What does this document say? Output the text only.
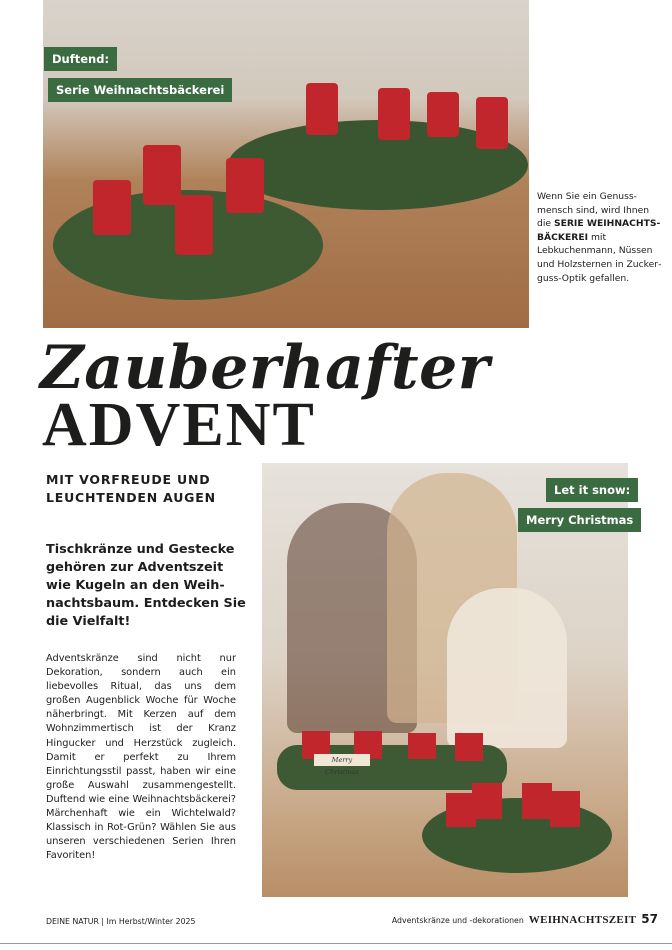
Duftend:
Serie Weihnachtsbäckerei

Wenn Sie ein Genussmensch sind, wird Ihnen die SERIE WEIHNACHTSBÄCKEREI mit Lebkuchenmann, Nüssen und Holzsternen in Zuckerguss-Optik gefallen.

Zauberhafter
ADVENT
MIT VORFREUDE UND LEUCHTENDEN AUGEN

Tischkränze und Gestecke gehören zur Adventszeit wie Kugeln an den Weihnachtsbaum. Entdecken Sie die Vielfalt!

Adventskränze sind nicht nur Dekoration, sondern auch ein liebevolles Ritual, das uns dem großen Augenblick Woche für Woche näherbringt. Mit Kerzen auf dem Wohnzimmertisch ist der Kranz Hingucker und Herzstück zugleich. Damit er perfekt zu Ihrem Einrichtungsstil passt, haben wir eine große Auswahl zusammengestellt. Duftend wie eine Weihnachtsbäckerei? Märchenhaft wie ein Wichtelwald? Klassisch in Rot-Grün? Wählen Sie aus unseren verschiedenen Serien Ihren Favoriten!

Merry Christmas
Let it snow:
Merry Christmas
DEINE NATUR | Im Herbst/Winter 2025	Adventskränze und -dekorationen WEIHNACHTSZEIT 57
